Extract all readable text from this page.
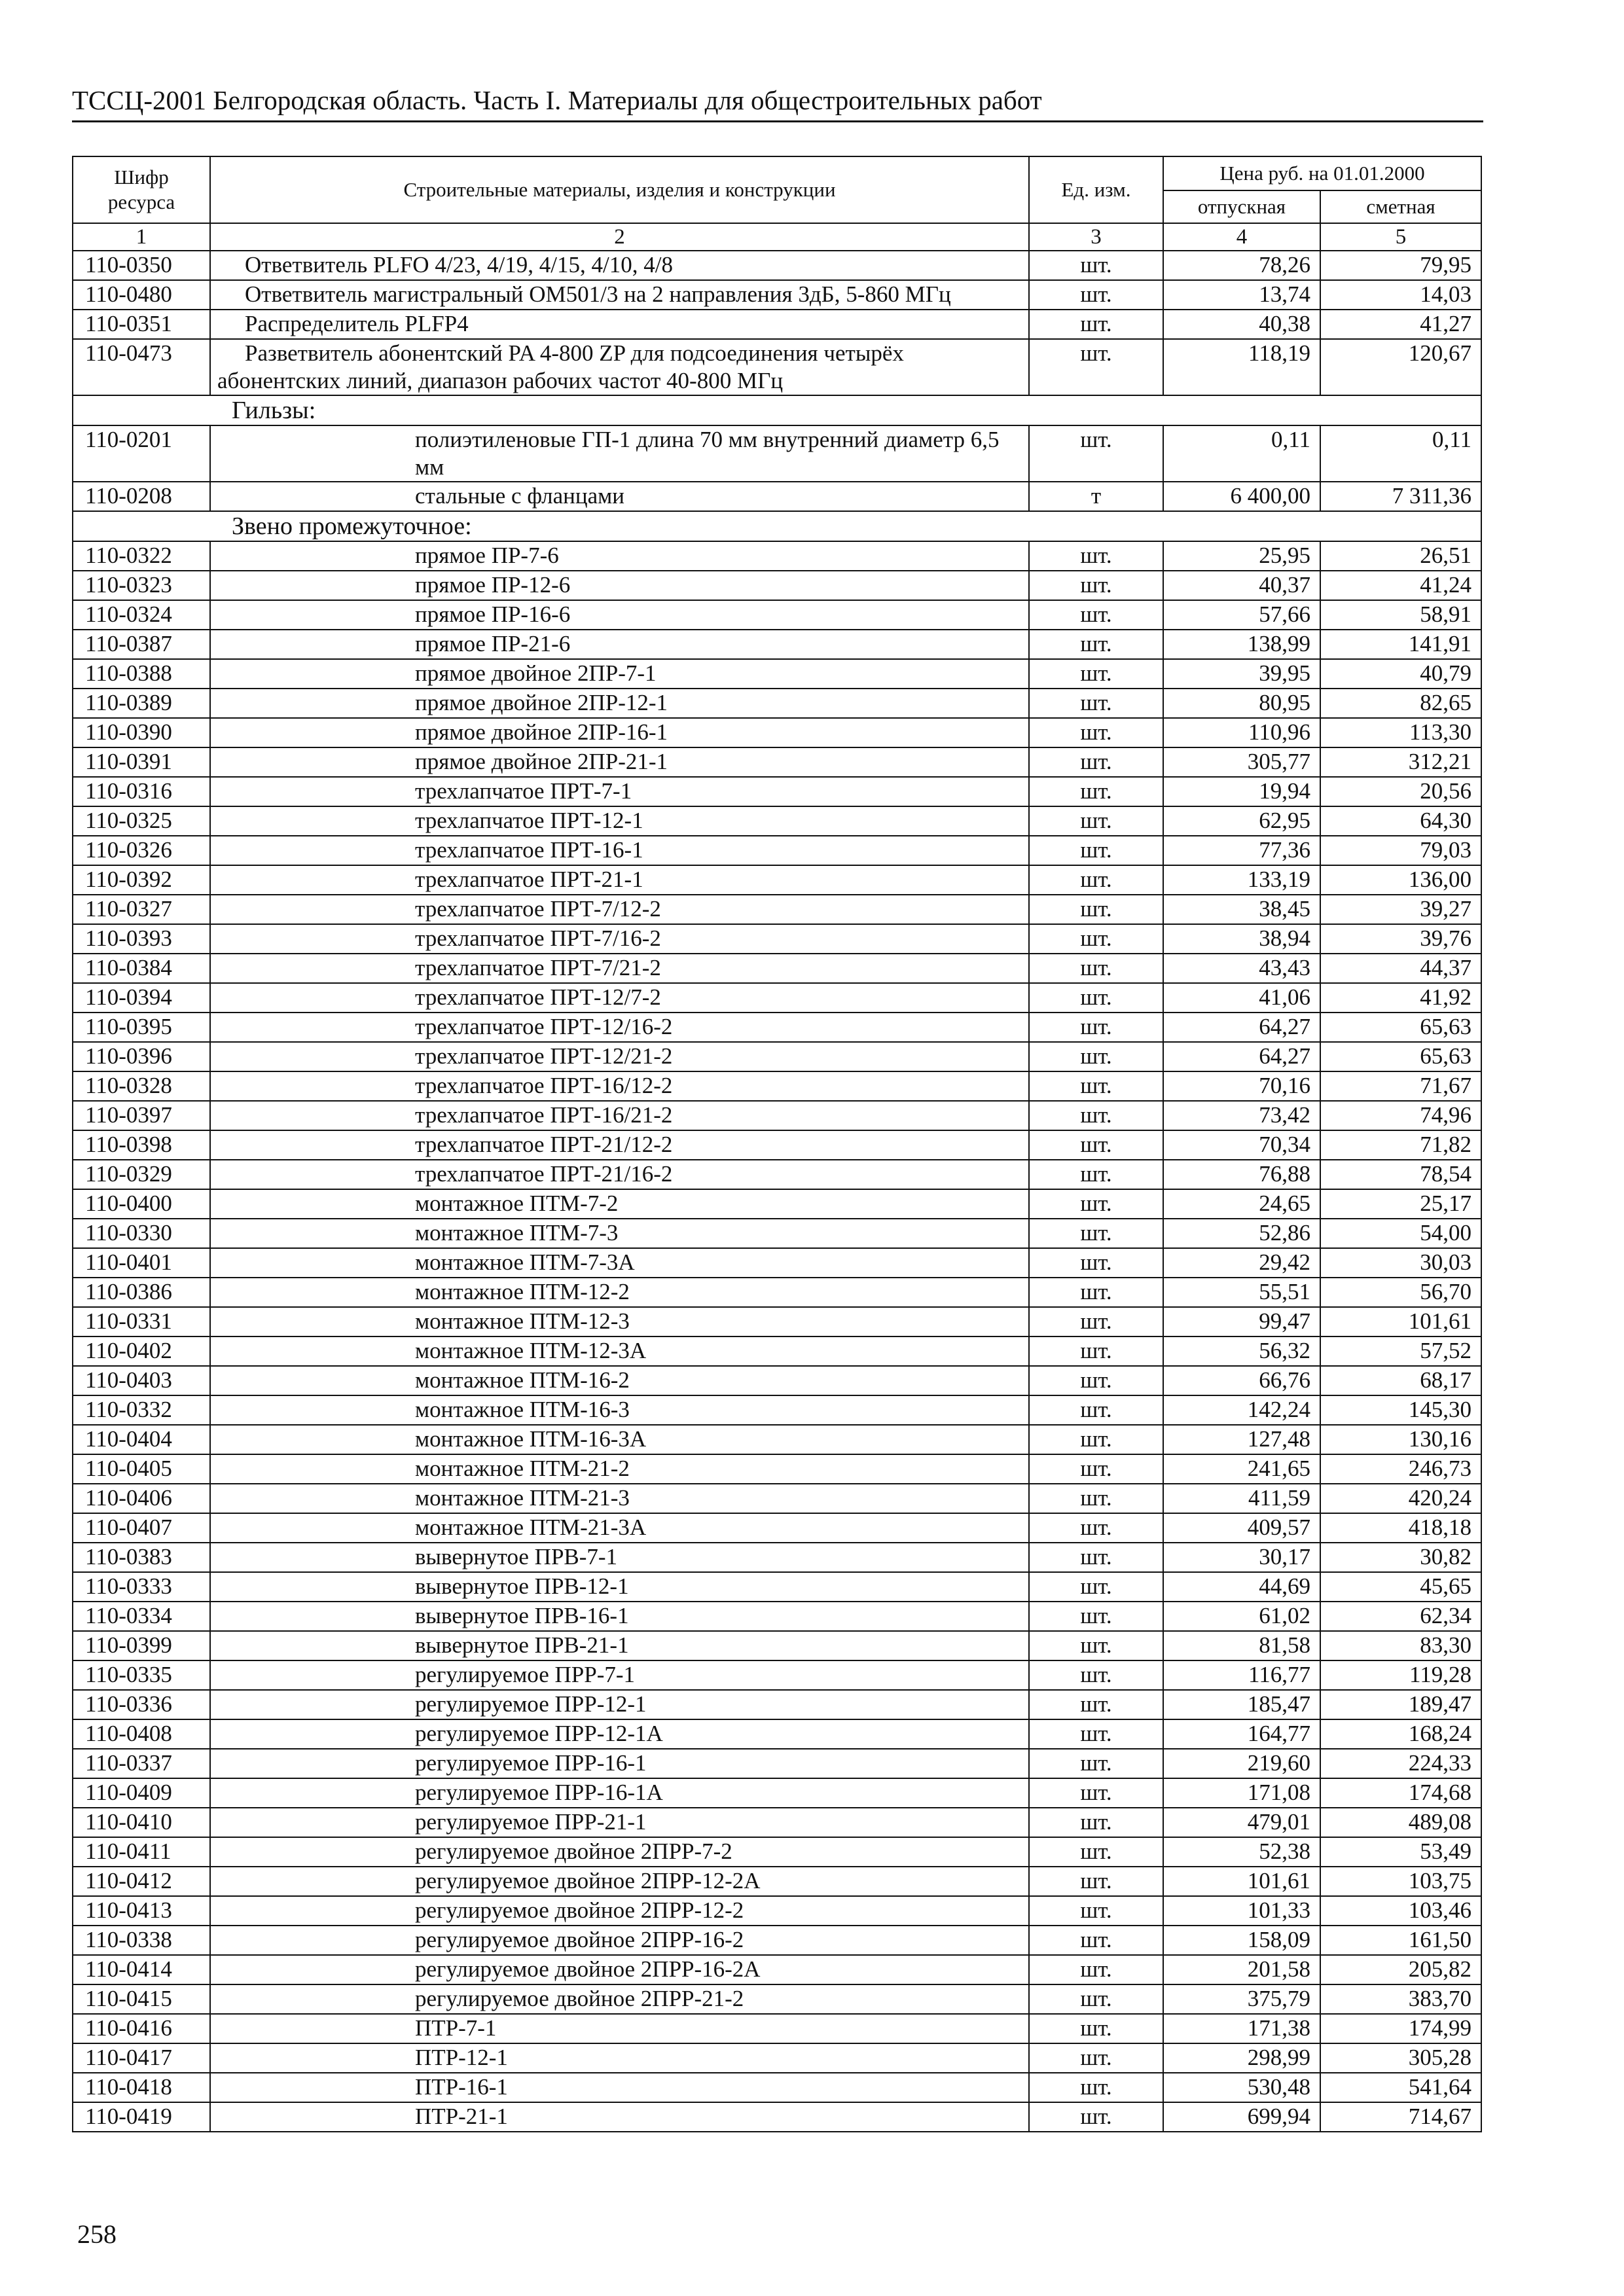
ТССЦ-2001 Белгородская область. Часть I. Материалы для общестроительных работ
Шифр ресурса	Строительные материалы, изделия и конструкции	Ед. изм.	Цена руб. на 01.01.2000	
			отпускная	сметная
1	2	3	4	5
110-0350	Ответвитель PLFO 4/23, 4/19, 4/15, 4/10, 4/8	шт.	78,26	79,95
110-0480	Ответвитель магистральный OM501/3 на 2 направления 3дБ, 5-860 МГц	шт.	13,74	14,03
110-0351	Распределитель PLFP4	шт.	40,38	41,27
110-0473	Разветвитель абонентский PA 4-800 ZP для подсоединения четырёх
абонентских линий, диапазон рабочих частот 40-800 МГц	шт.	118,19	120,67

Гильзы:				

110-0201	полиэтиленовые ГП-1 длина 70 мм внутренний диаметр 6,5 мм	шт.	0,11	0,11
110-0208	стальные с фланцами	т	6 400,00	7 311,36

Звено промежуточное:				

110-0322	прямое ПР-7-6	шт.	25,95	26,51
110-0323	прямое ПР-12-6	шт.	40,37	41,24
110-0324	прямое ПР-16-6	шт.	57,66	58,91
110-0387	прямое ПР-21-6	шт.	138,99	141,91
110-0388	прямое двойное 2ПР-7-1	шт.	39,95	40,79
110-0389	прямое двойное 2ПР-12-1	шт.	80,95	82,65
110-0390	прямое двойное 2ПР-16-1	шт.	110,96	113,30
110-0391	прямое двойное 2ПР-21-1	шт.	305,77	312,21
110-0316	трехлапчатое ПРТ-7-1	шт.	19,94	20,56
110-0325	трехлапчатое ПРТ-12-1	шт.	62,95	64,30
110-0326	трехлапчатое ПРТ-16-1	шт.	77,36	79,03
110-0392	трехлапчатое ПРТ-21-1	шт.	133,19	136,00
110-0327	трехлапчатое ПРТ-7/12-2	шт.	38,45	39,27
110-0393	трехлапчатое ПРТ-7/16-2	шт.	38,94	39,76
110-0384	трехлапчатое ПРТ-7/21-2	шт.	43,43	44,37
110-0394	трехлапчатое ПРТ-12/7-2	шт.	41,06	41,92
110-0395	трехлапчатое ПРТ-12/16-2	шт.	64,27	65,63
110-0396	трехлапчатое ПРТ-12/21-2	шт.	64,27	65,63
110-0328	трехлапчатое ПРТ-16/12-2	шт.	70,16	71,67
110-0397	трехлапчатое ПРТ-16/21-2	шт.	73,42	74,96
110-0398	трехлапчатое ПРТ-21/12-2	шт.	70,34	71,82
110-0329	трехлапчатое ПРТ-21/16-2	шт.	76,88	78,54
110-0400	монтажное ПТМ-7-2	шт.	24,65	25,17
110-0330	монтажное ПТМ-7-3	шт.	52,86	54,00
110-0401	монтажное ПТМ-7-3А	шт.	29,42	30,03
110-0386	монтажное ПТМ-12-2	шт.	55,51	56,70
110-0331	монтажное ПТМ-12-3	шт.	99,47	101,61
110-0402	монтажное ПТМ-12-3А	шт.	56,32	57,52
110-0403	монтажное ПТМ-16-2	шт.	66,76	68,17
110-0332	монтажное ПТМ-16-3	шт.	142,24	145,30
110-0404	монтажное ПТМ-16-3А	шт.	127,48	130,16
110-0405	монтажное ПТМ-21-2	шт.	241,65	246,73
110-0406	монтажное ПТМ-21-3	шт.	411,59	420,24
110-0407	монтажное ПТМ-21-3А	шт.	409,57	418,18
110-0383	вывернутое ПРВ-7-1	шт.	30,17	30,82
110-0333	вывернутое ПРВ-12-1	шт.	44,69	45,65
110-0334	вывернутое ПРВ-16-1	шт.	61,02	62,34
110-0399	вывернутое ПРВ-21-1	шт.	81,58	83,30
110-0335	регулируемое ПРР-7-1	шт.	116,77	119,28
110-0336	регулируемое ПРР-12-1	шт.	185,47	189,47
110-0408	регулируемое ПРР-12-1А	шт.	164,77	168,24
110-0337	регулируемое ПРР-16-1	шт.	219,60	224,33
110-0409	регулируемое ПРР-16-1А	шт.	171,08	174,68
110-0410	регулируемое ПРР-21-1	шт.	479,01	489,08
110-0411	регулируемое двойное 2ПРР-7-2	шт.	52,38	53,49
110-0412	регулируемое двойное 2ПРР-12-2А	шт.	101,61	103,75
110-0413	регулируемое двойное 2ПРР-12-2	шт.	101,33	103,46
110-0338	регулируемое двойное 2ПРР-16-2	шт.	158,09	161,50
110-0414	регулируемое двойное 2ПРР-16-2А	шт.	201,58	205,82
110-0415	регулируемое двойное 2ПРР-21-2	шт.	375,79	383,70
110-0416	ПТР-7-1	шт.	171,38	174,99
110-0417	ПТР-12-1	шт.	298,99	305,28
110-0418	ПТР-16-1	шт.	530,48	541,64
110-0419	ПТР-21-1	шт.	699,94	714,67
258
